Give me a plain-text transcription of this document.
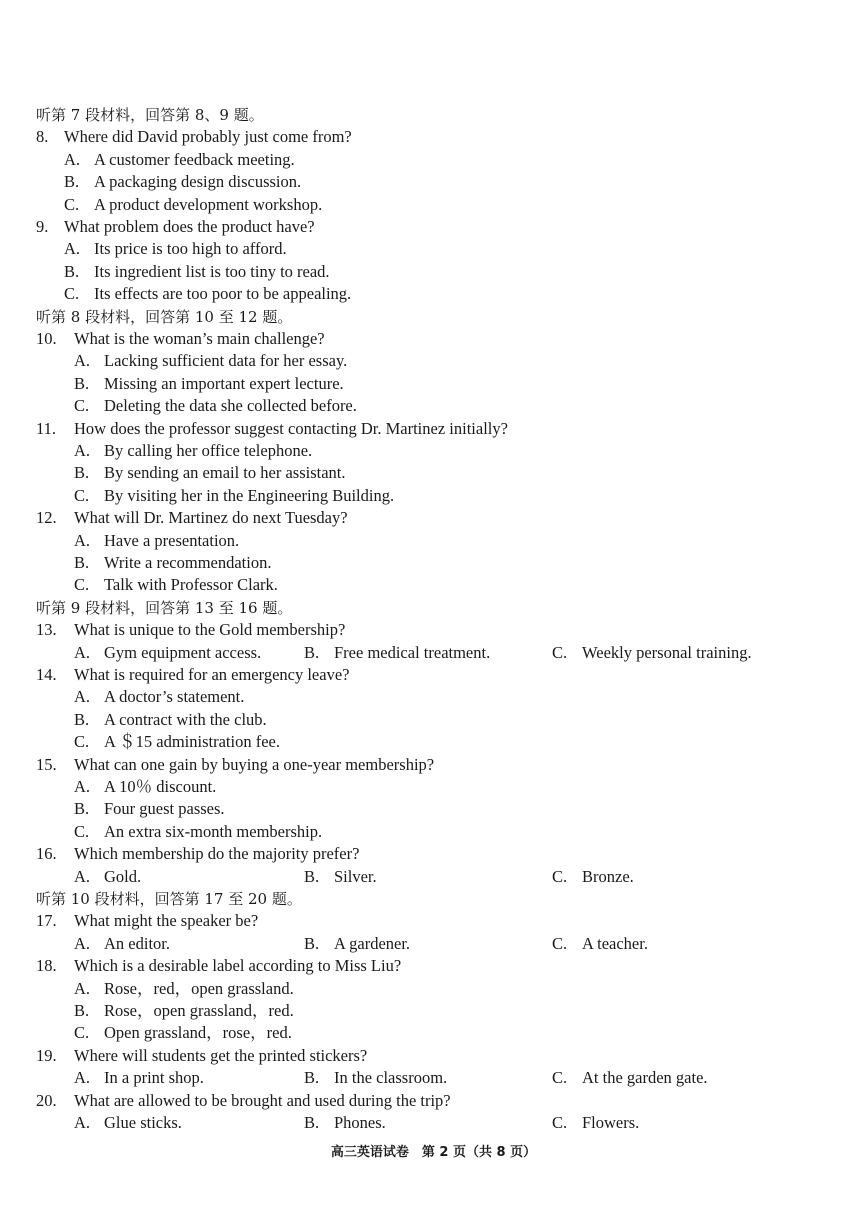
听第 7 段材料，回答第 8、9 题。
8. Where did David probably just come from?
A. A customer feedback meeting.
B. A packaging design discussion.
C. A product development workshop.
9. What problem does the product have?
A. Its price is too high to afford.
B. Its ingredient list is too tiny to read.
C. Its effects are too poor to be appealing.
听第 8 段材料，回答第 10 至 12 题。
10. What is the woman’s main challenge?
A. Lacking sufficient data for her essay.
B. Missing an important expert lecture.
C. Deleting the data she collected before.
11. How does the professor suggest contacting Dr. Martinez initially?
A. By calling her office telephone.
B. By sending an email to her assistant.
C. By visiting her in the Engineering Building.
12. What will Dr. Martinez do next Tuesday?
A. Have a presentation.
B. Write a recommendation.
C. Talk with Professor Clark.
听第 9 段材料，回答第 13 至 16 题。
13. What is unique to the Gold membership?
A. Gym equipment access.	B. Free medical treatment.	C. Weekly personal training.
14. What is required for an emergency leave?
A. A doctor’s statement.
B. A contract with the club.
C. A ＄15 administration fee.
15. What can one gain by buying a one-year membership?
A. A 10％ discount.
B. Four guest passes.
C. An extra six-month membership.
16. Which membership do the majority prefer?
A. Gold.	B. Silver.	C. Bronze.
听第 10 段材料，回答第 17 至 20 题。
17. What might the speaker be?
A. An editor.	B. A gardener.	C. A teacher.
18. Which is a desirable label according to Miss Liu?
A. Rose，red，open grassland.
B. Rose，open grassland，red.
C. Open grassland，rose，red.
19. Where will students get the printed stickers?
A. In a print shop.	B. In the classroom.	C. At the garden gate.
20. What are allowed to be brought and used during the trip?
A. Glue sticks.	B. Phones.	C. Flowers.
高三英语试卷　第 2 页（共 8 页）
